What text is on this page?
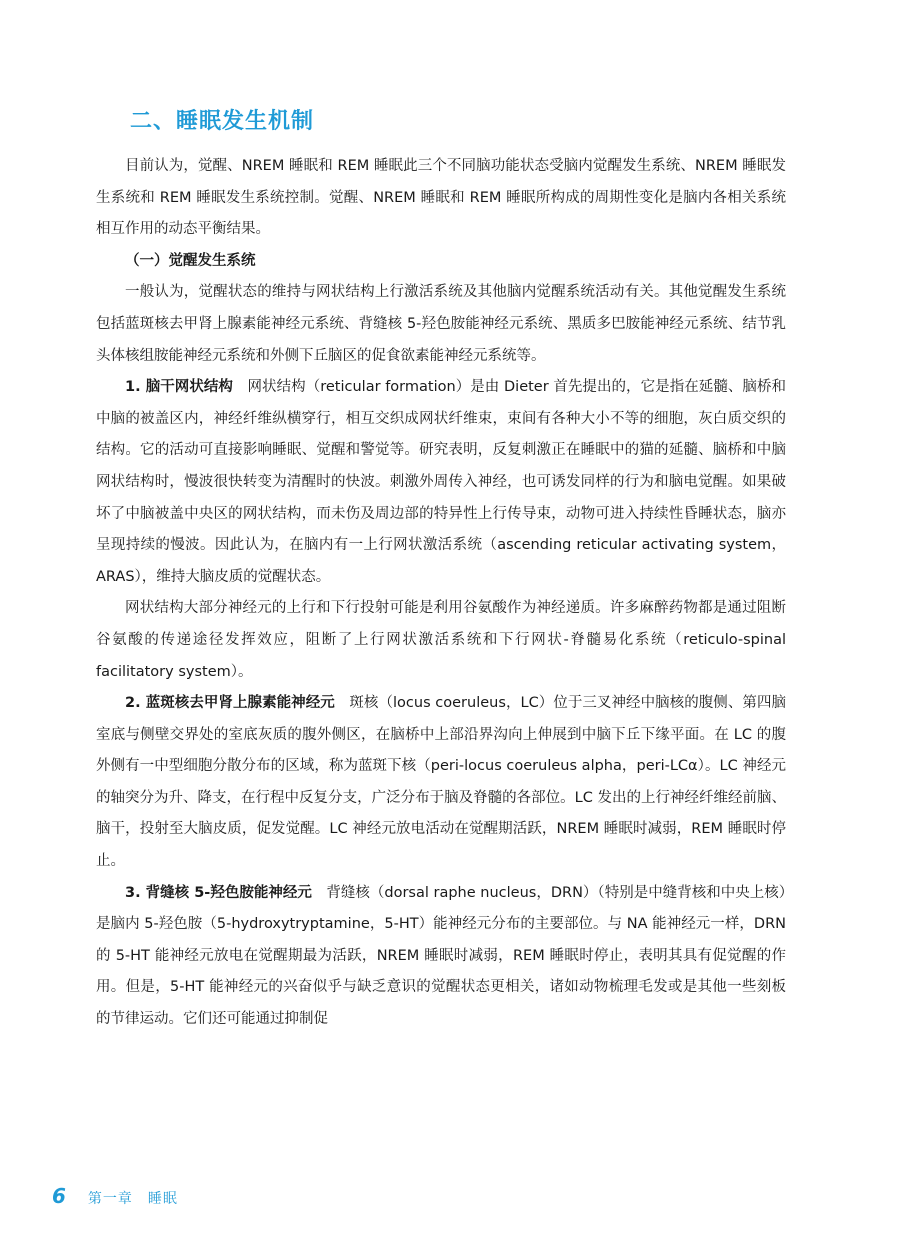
二、睡眠发生机制

目前认为，觉醒、NREM 睡眠和 REM 睡眠此三个不同脑功能状态受脑内觉醒发生系统、NREM 睡眠发生系统和 REM 睡眠发生系统控制。觉醒、NREM 睡眠和 REM 睡眠所构成的周期性变化是脑内各相关系统相互作用的动态平衡结果。

（一）觉醒发生系统

一般认为，觉醒状态的维持与网状结构上行激活系统及其他脑内觉醒系统活动有关。其他觉醒发生系统包括蓝斑核去甲肾上腺素能神经元系统、背缝核 5-羟色胺能神经元系统、黑质多巴胺能神经元系统、结节乳头体核组胺能神经元系统和外侧下丘脑区的促食欲素能神经元系统等。

1. 脑干网状结构　 网状结构（reticular formation）是由 Dieter 首先提出的，它是指在延髓、脑桥和中脑的被盖区内，神经纤维纵横穿行，相互交织成网状纤维束，束间有各种大小不等的细胞，灰白质交织的结构。它的活动可直接影响睡眠、觉醒和警觉等。研究表明，反复刺激正在睡眠中的猫的延髓、脑桥和中脑网状结构时，慢波很快转变为清醒时的快波。刺激外周传入神经，也可诱发同样的行为和脑电觉醒。如果破坏了中脑被盖中央区的网状结构，而未伤及周边部的特异性上行传导束，动物可进入持续性昏睡状态，脑亦呈现持续的慢波。因此认为，在脑内有一上行网状激活系统（ascending reticular activating system，ARAS），维持大脑皮质的觉醒状态。

网状结构大部分神经元的上行和下行投射可能是利用谷氨酸作为神经递质。许多麻醉药物都是通过阻断谷氨酸的传递途径发挥效应，阻断了上行网状激活系统和下行网状-脊髓易化系统（reticulo-spinal facilitatory system）。

2. 蓝斑核去甲肾上腺素能神经元　 斑核（locus coeruleus，LC）位于三叉神经中脑核的腹侧、第四脑室底与侧壁交界处的室底灰质的腹外侧区，在脑桥中上部沿界沟向上伸展到中脑下丘下缘平面。在 LC 的腹外侧有一中型细胞分散分布的区域，称为蓝斑下核（peri-locus coeruleus alpha，peri-LCα）。LC 神经元的轴突分为升、降支，在行程中反复分支，广泛分布于脑及脊髓的各部位。LC 发出的上行神经纤维经前脑、脑干，投射至大脑皮质，促发觉醒。LC 神经元放电活动在觉醒期活跃，NREM 睡眠时减弱，REM 睡眠时停止。

3. 背缝核 5-羟色胺能神经元　 背缝核（dorsal raphe nucleus，DRN）（特别是中缝背核和中央上核）是脑内 5-羟色胺（5-hydroxytryptamine，5-HT）能神经元分布的主要部位。与 NA 能神经元一样，DRN 的 5-HT 能神经元放电在觉醒期最为活跃，NREM 睡眠时减弱，REM 睡眠时停止，表明其具有促觉醒的作用。但是，5-HT 能神经元的兴奋似乎与缺乏意识的觉醒状态更相关，诸如动物梳理毛发或是其他一些刻板的节律运动。它们还可能通过抑制促

6 第一章　睡眠
